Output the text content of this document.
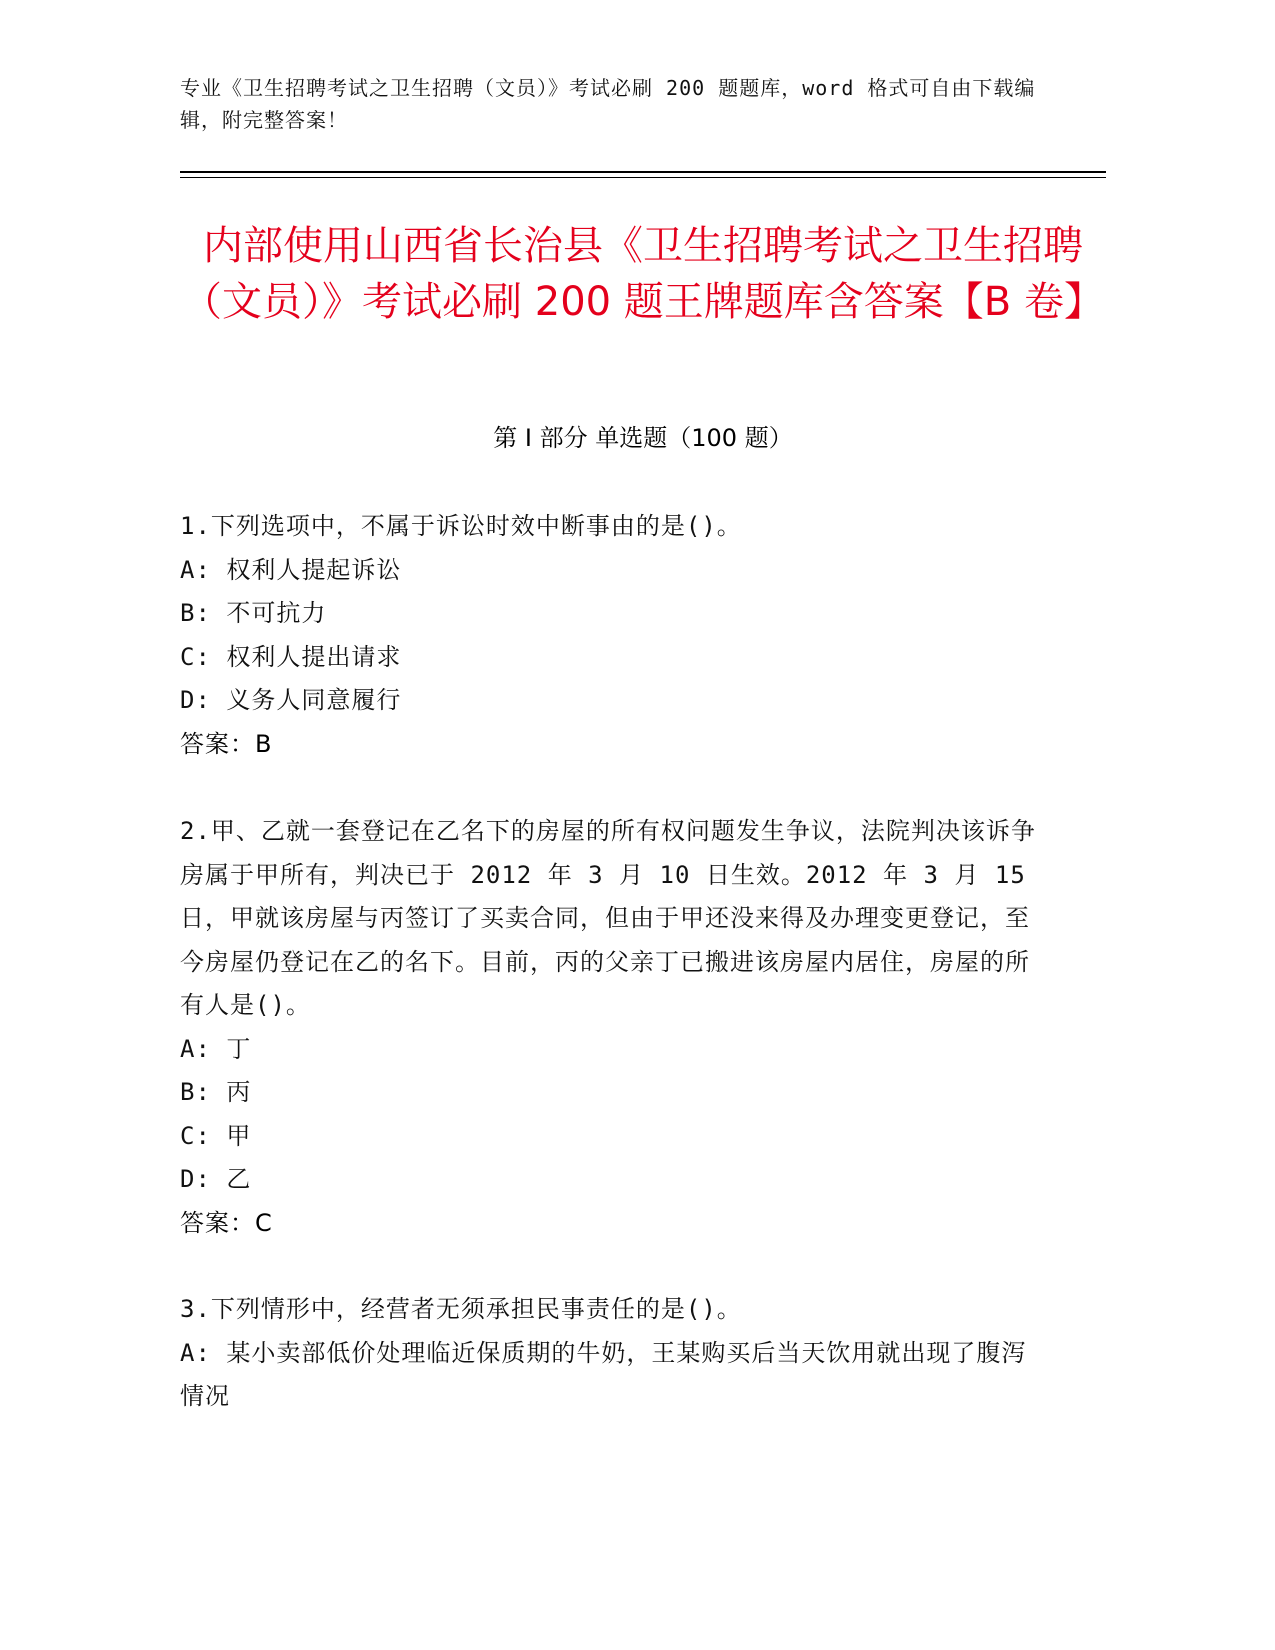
专业《卫生招聘考试之卫生招聘（文员）》考试必刷 200 题题库，word 格式可自由下载编辑，附完整答案！
内部使用山西省长治县《卫生招聘考试之卫生招聘（文员）》考试必刷 200 题王牌题库含答案【B 卷】
第 I 部分 单选题（100 题）

1.下列选项中，不属于诉讼时效中断事由的是()。

A: 权利人提起诉讼

B: 不可抗力

C: 权利人提出请求

D: 义务人同意履行

答案：B

2.甲、乙就一套登记在乙名下的房屋的所有权问题发生争议，法院判决该诉争房属于甲所有，判决已于 2012 年 3 月 10 日生效。2012 年 3 月 15 日，甲就该房屋与丙签订了买卖合同，但由于甲还没来得及办理变更登记，至今房屋仍登记在乙的名下。目前，丙的父亲丁已搬进该房屋内居住，房屋的所有人是()。

A: 丁

B: 丙

C: 甲

D: 乙

答案：C

3.下列情形中，经营者无须承担民事责任的是()。

A: 某小卖部低价处理临近保质期的牛奶，王某购买后当天饮用就出现了腹泻情况
